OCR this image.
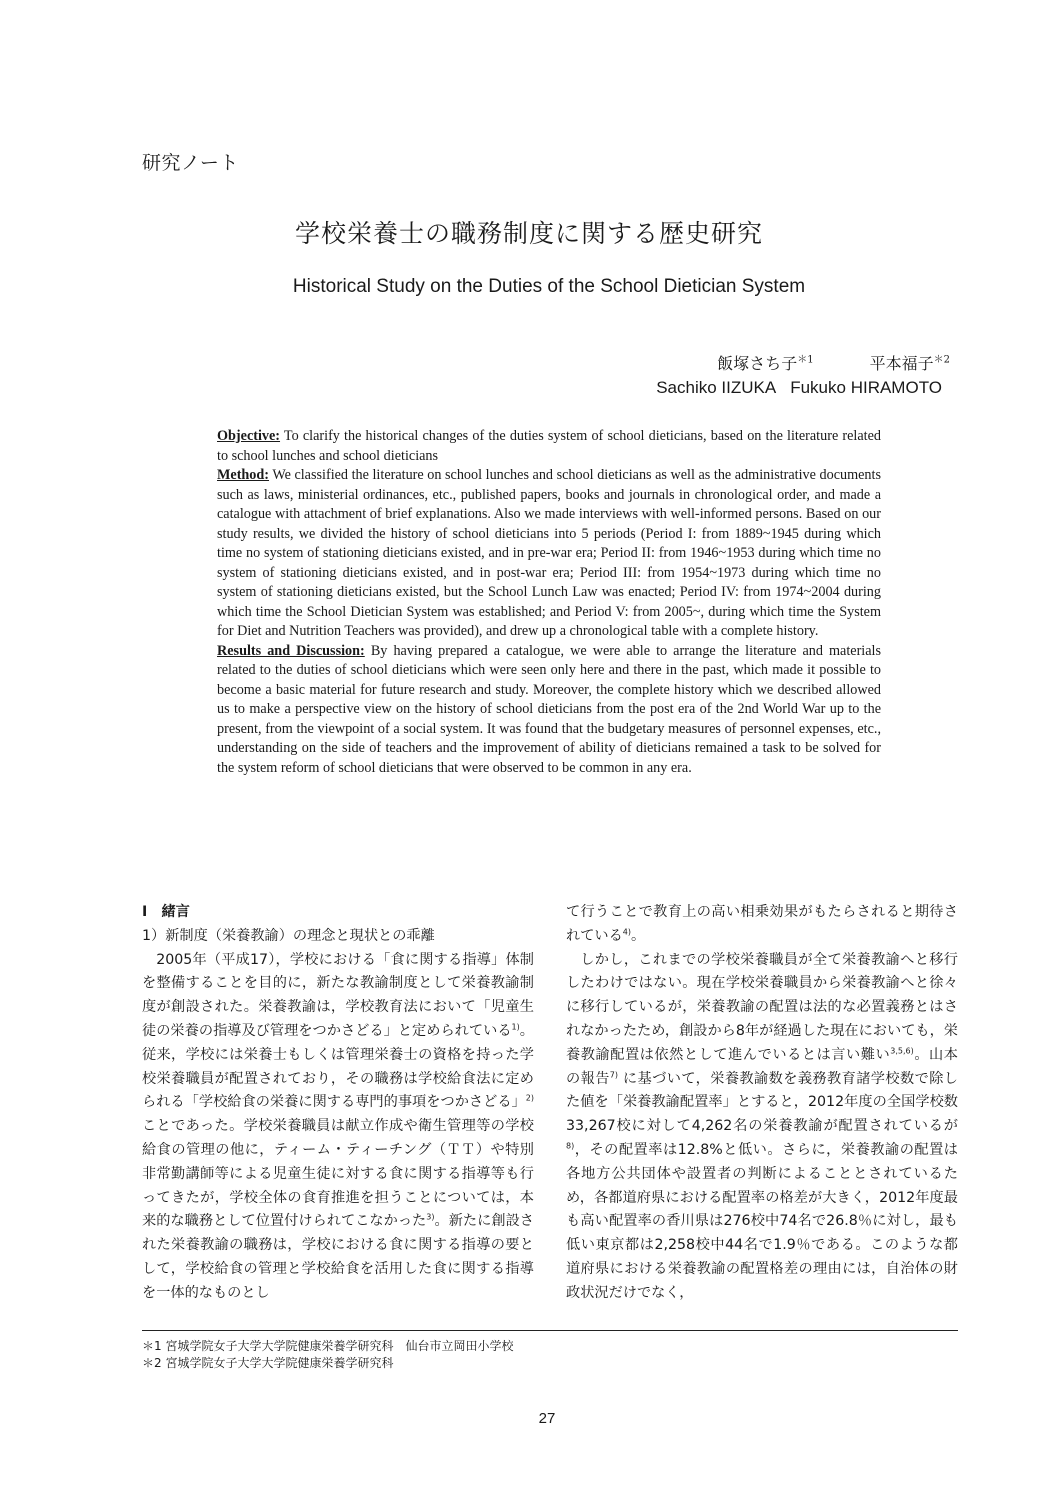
研究ノート
学校栄養士の職務制度に関する歴史研究
Historical Study on the Duties of the School Dietician System
飯塚さち子$^{*1}$	平本福子$^{*2}$
Sachiko IIZUKA Fukuko HIRAMOTO

Objective: To clarify the historical changes of the duties system of school dieticians, based on the literature related to school lunches and school dieticians

Method: We classified the literature on school lunches and school dieticians as well as the administrative documents such as laws, ministerial ordinances, etc., published papers, books and journals in chronological order, and made a catalogue with attachment of brief explanations. Also we made interviews with well-informed persons. Based on our study results, we divided the history of school dieticians into 5 periods (Period I: from 1889~1945 during which time no system of stationing dieticians existed, and in pre-war era; Period II: from 1946~1953 during which time no system of stationing dieticians existed, and in post-war era; Period III: from 1954~1973 during which time no system of stationing dieticians existed, but the School Lunch Law was enacted; Period IV: from 1974~2004 during which time the School Dietician System was established; and Period V: from 2005~, during which time the System for Diet and Nutrition Teachers was provided), and drew up a chronological table with a complete history.

Results and Discussion: By having prepared a catalogue, we were able to arrange the literature and materials related to the duties of school dieticians which were seen only here and there in the past, which made it possible to become a basic material for future research and study. Moreover, the complete history which we described allowed us to make a perspective view on the history of school dieticians from the post era of the 2nd World War up to the present, from the viewpoint of a social system. It was found that the budgetary measures of personnel expenses, etc., understanding on the side of teachers and the improvement of ability of dieticians remained a task to be solved for the system reform of school dieticians that were observed to be common in any era.

Ⅰ　緒言

1）新制度（栄養教諭）の理念と現状との乖離

2005年（平成17），学校における「食に関する指導」体制を整備することを目的に，新たな教諭制度として栄養教諭制度が創設された。栄養教諭は，学校教育法において「児童生徒の栄養の指導及び管理をつかさどる」と定められている$^{1)}$。従来，学校には栄養士もしくは管理栄養士の資格を持った学校栄養職員が配置されており，その職務は学校給食法に定められる「学校給食の栄養に関する専門的事項をつかさどる」$^{2)}$ ことであった。学校栄養職員は献立作成や衛生管理等の学校給食の管理の他に，ティーム・ティーチング（ＴＴ）や特別非常勤講師等による児童生徒に対する食に関する指導等も行ってきたが，学校全体の食育推進を担うことについては，本来的な職務として位置付けられてこなかった$^{3)}$。新たに創設された栄養教諭の職務は，学校における食に関する指導の要として，学校給食の管理と学校給食を活用した食に関する指導を一体的なものとし

て行うことで教育上の高い相乗効果がもたらされると期待されている$^{4)}$。

しかし，これまでの学校栄養職員が全て栄養教諭へと移行したわけではない。現在学校栄養職員から栄養教諭へと徐々に移行しているが，栄養教諭の配置は法的な必置義務とはされなかったため，創設から8年が経過した現在においても，栄養教諭配置は依然として進んでいるとは言い難い$^{3,5,6)}$。山本の報告$^{7)}$ に基づいて，栄養教諭数を義務教育諸学校数で除した値を「栄養教諭配置率」とすると，2012年度の全国学校数33,267校に対して4,262名の栄養教諭が配置されているが$^{8)}$，その配置率は12.8%と低い。さらに，栄養教諭の配置は各地方公共団体や設置者の判断によることとされているため，各都道府県における配置率の格差が大きく，2012年度最も高い配置率の香川県は276校中74名で26.8％に対し，最も低い東京都は2,258校中44名で1.9％である。このような都道府県における栄養教諭の配置格差の理由には，自治体の財政状況だけでなく，

＊1 宮城学院女子大学大学院健康栄養学研究科　仙台市立岡田小学校

＊2 宮城学院女子大学大学院健康栄養学研究科

27
